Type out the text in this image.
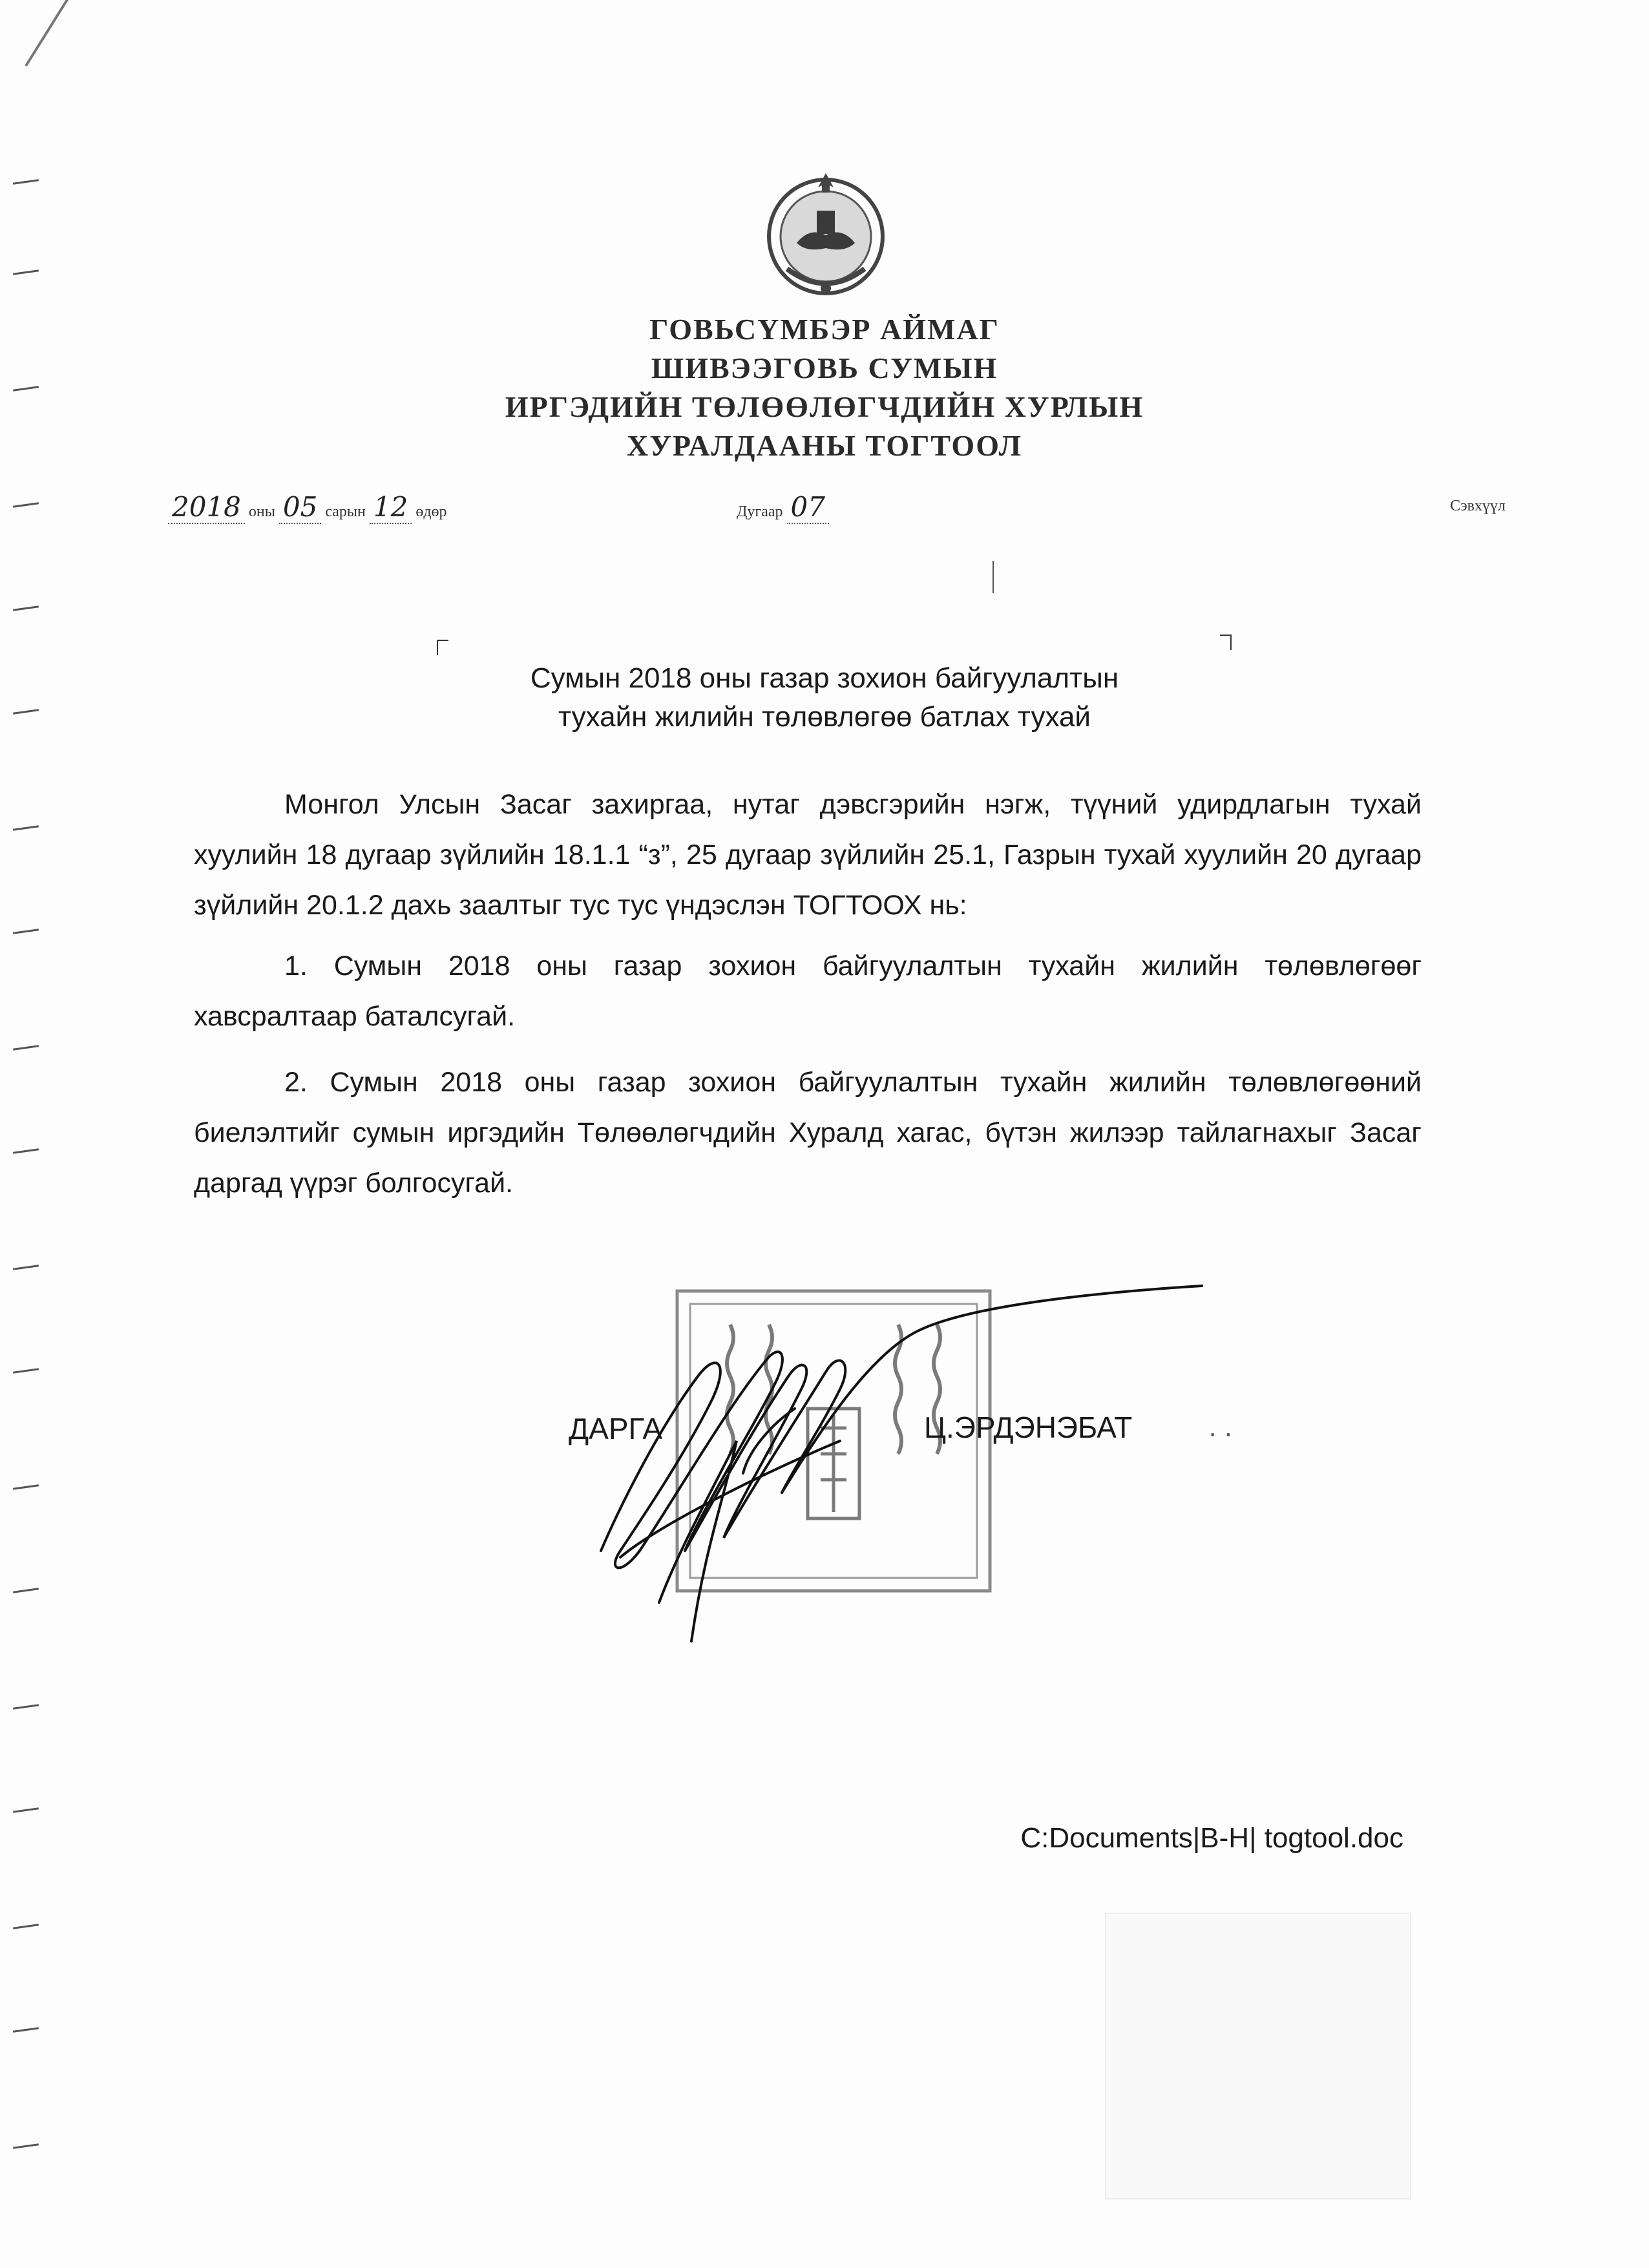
ГОВЬСҮМБЭР АЙМАГ
ШИВЭЭГОВЬ СУМЫН
ИРГЭДИЙН ТӨЛӨӨЛӨГЧДИЙН ХУРЛЫН
ХУРАЛДААНЫ ТОГТООЛ
2018 оны 05 сарын 12 өдөр	Дугаар 07	Сэвхүүл
Сумын 2018 оны газар зохион байгуулалтын
тухайн жилийн төлөвлөгөө батлах тухай
Монгол Улсын Засаг захиргаа, нутаг дэвсгэрийн нэгж, түүний удирдлагын тухай хуулийн 18 дугаар зүйлийн 18.1.1 “з”, 25 дугаар зүйлийн 25.1, Газрын тухай хуулийн 20 дугаар зүйлийн 20.1.2 дахь заалтыг тус тус үндэслэн ТОГТООХ нь:
1. Сумын 2018 оны газар зохион байгуулалтын тухайн жилийн төлөвлөгөөг хавсралтаар баталсугай.
2. Сумын 2018 оны газар зохион байгуулалтын тухайн жилийн төлөвлөгөөний биелэлтийг сумын иргэдийн Төлөөлөгчдийн Хуралд хагас, бүтэн жилээр тайлагнахыг Засаг даргад үүрэг болгосугай.
ДАРГА	Ц.ЭРДЭНЭБАТ	· ·
C:Documents|B-H| togtool.doc
